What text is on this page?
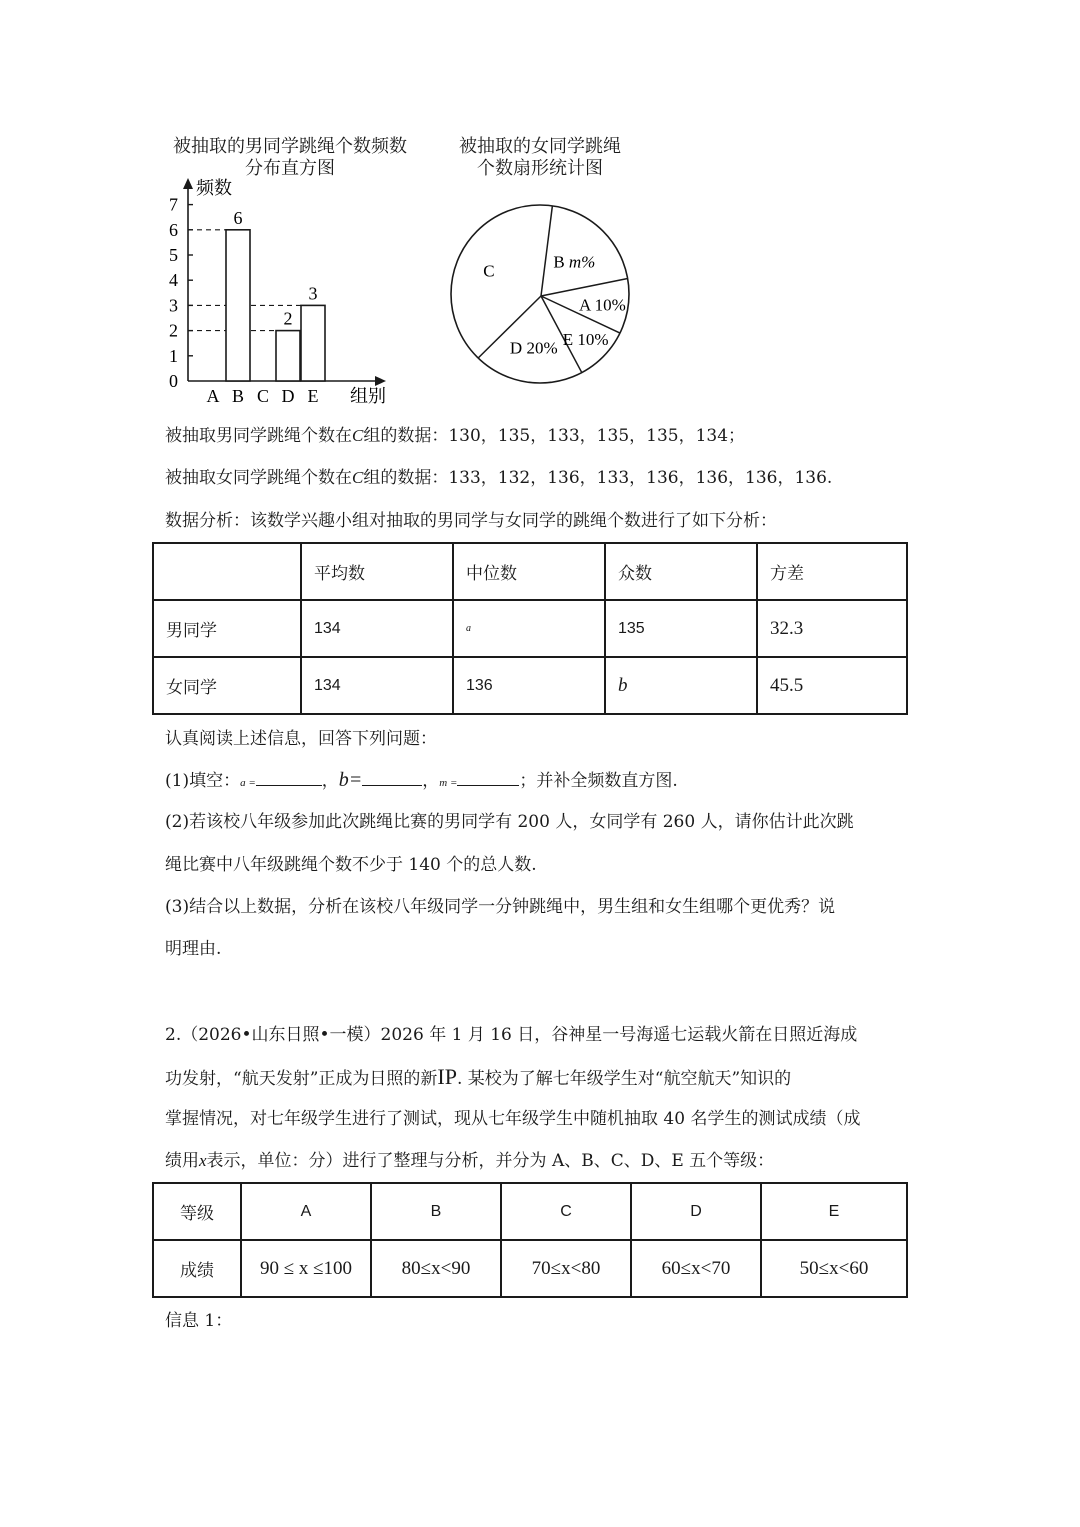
被抽取的男同学跳绳个数频数
分布直方图
被抽取的女同学跳绳
个数扇形统计图
频数
组别
0
1
2
3
4
5
6
7
A B
6
C D
2
E
3
B m%
A 10%
E 10%
D 20%
C
被抽取男同学跳绳个数在C组的数据：130，135，133，135，135，134；
被抽取女同学跳绳个数在C组的数据：133，132，136，133，136，136，136，136.
数据分析：该数学兴趣小组对抽取的男同学与女同学的跳绳个数进行了如下分析：
	平均数	中位数	众数	方差
男同学	134	a	135	32.3
女同学	134	136	b	45.5
认真阅读上述信息，回答下列问题：
(1)填空：a =	，b=	，m =	；并补全频数直方图.
(2)若该校八年级参加此次跳绳比赛的男同学有 200 人，女同学有 260 人，请你估计此次跳
绳比赛中八年级跳绳个数不少于 140 个的总人数.
(3)结合以上数据，分析在该校八年级同学一分钟跳绳中，男生组和女生组哪个更优秀？说
明理由.
2.（2026•山东日照•一模）2026 年 1 月 16 日，谷神星一号海遥七运载火箭在日照近海成
功发射，“航天发射”正成为日照的新IP. 某校为了解七年级学生对“航空航天”知识的
掌握情况，对七年级学生进行了测试，现从七年级学生中随机抽取 40 名学生的测试成绩（成
绩用x表示，单位：分）进行了整理与分析，并分为 A、B、C、D、E 五个等级：
等级	A	B	C	D	E
成绩	90 ≤ x ≤100	80≤x<90	70≤x<80	60≤x<70	50≤x<60
信息 1：
